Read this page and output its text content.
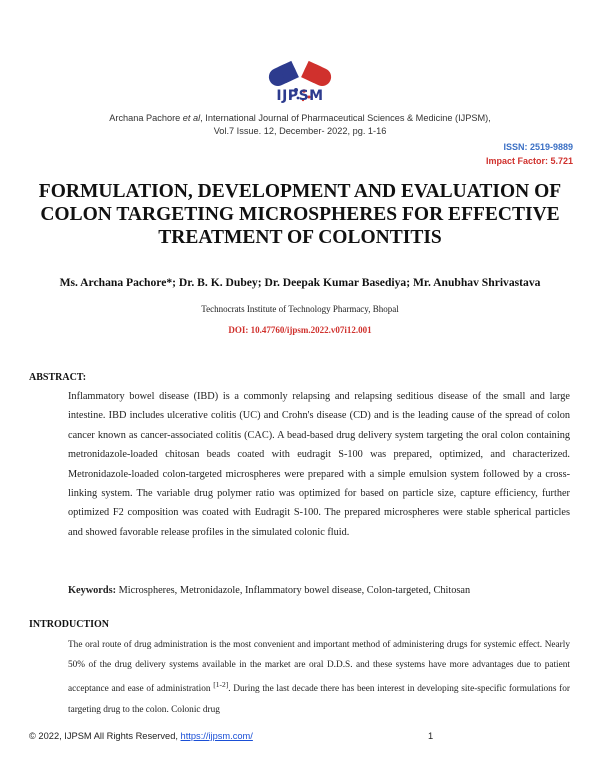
IJPSM
Archana Pachore et al, International Journal of Pharmaceutical Sciences & Medicine (IJPSM),
Vol.7 Issue. 12, December- 2022, pg. 1-16
ISSN: 2519-9889
Impact Factor: 5.721
FORMULATION, DEVELOPMENT AND EVALUATION OF COLON TARGETING MICROSPHERES FOR EFFECTIVE TREATMENT OF COLONTITIS
Ms. Archana Pachore*; Dr. B. K. Dubey; Dr. Deepak Kumar Basediya; Mr. Anubhav Shrivastava
Technocrats Institute of Technology Pharmacy, Bhopal
DOI: 10.47760/ijpsm.2022.v07i12.001
ABSTRACT:
Inflammatory bowel disease (IBD) is a commonly relapsing and relapsing seditious disease of the small and large intestine. IBD includes ulcerative colitis (UC) and Crohn's disease (CD) and is the leading cause of the spread of colon cancer known as cancer-associated colitis (CAC). A bead-based drug delivery system targeting the oral colon containing metronidazole-loaded chitosan beads coated with eudragit S-100 was prepared, optimized, and characterized. Metronidazole-loaded colon-targeted microspheres were prepared with a simple emulsion system followed by a cross-linking system. The variable drug polymer ratio was optimized for based on particle size, capture efficiency, further optimized F2 composition was coated with Eudragit S-100. The prepared microspheres were stable spherical particles and showed favorable release profiles in the simulated colonic fluid.
Keywords: Microspheres, Metronidazole, Inflammatory bowel disease, Colon-targeted, Chitosan
INTRODUCTION
The oral route of drug administration is the most convenient and important method of administering drugs for systemic effect. Nearly 50% of the drug delivery systems available in the market are oral D.D.S. and these systems have more advantages due to patient acceptance and ease of administration [1-2]. During the last decade there has been interest in developing site-specific formulations for targeting drug to the colon. Colonic drug
© 2022, IJPSM All Rights Reserved, https://ijpsm.com/	1
